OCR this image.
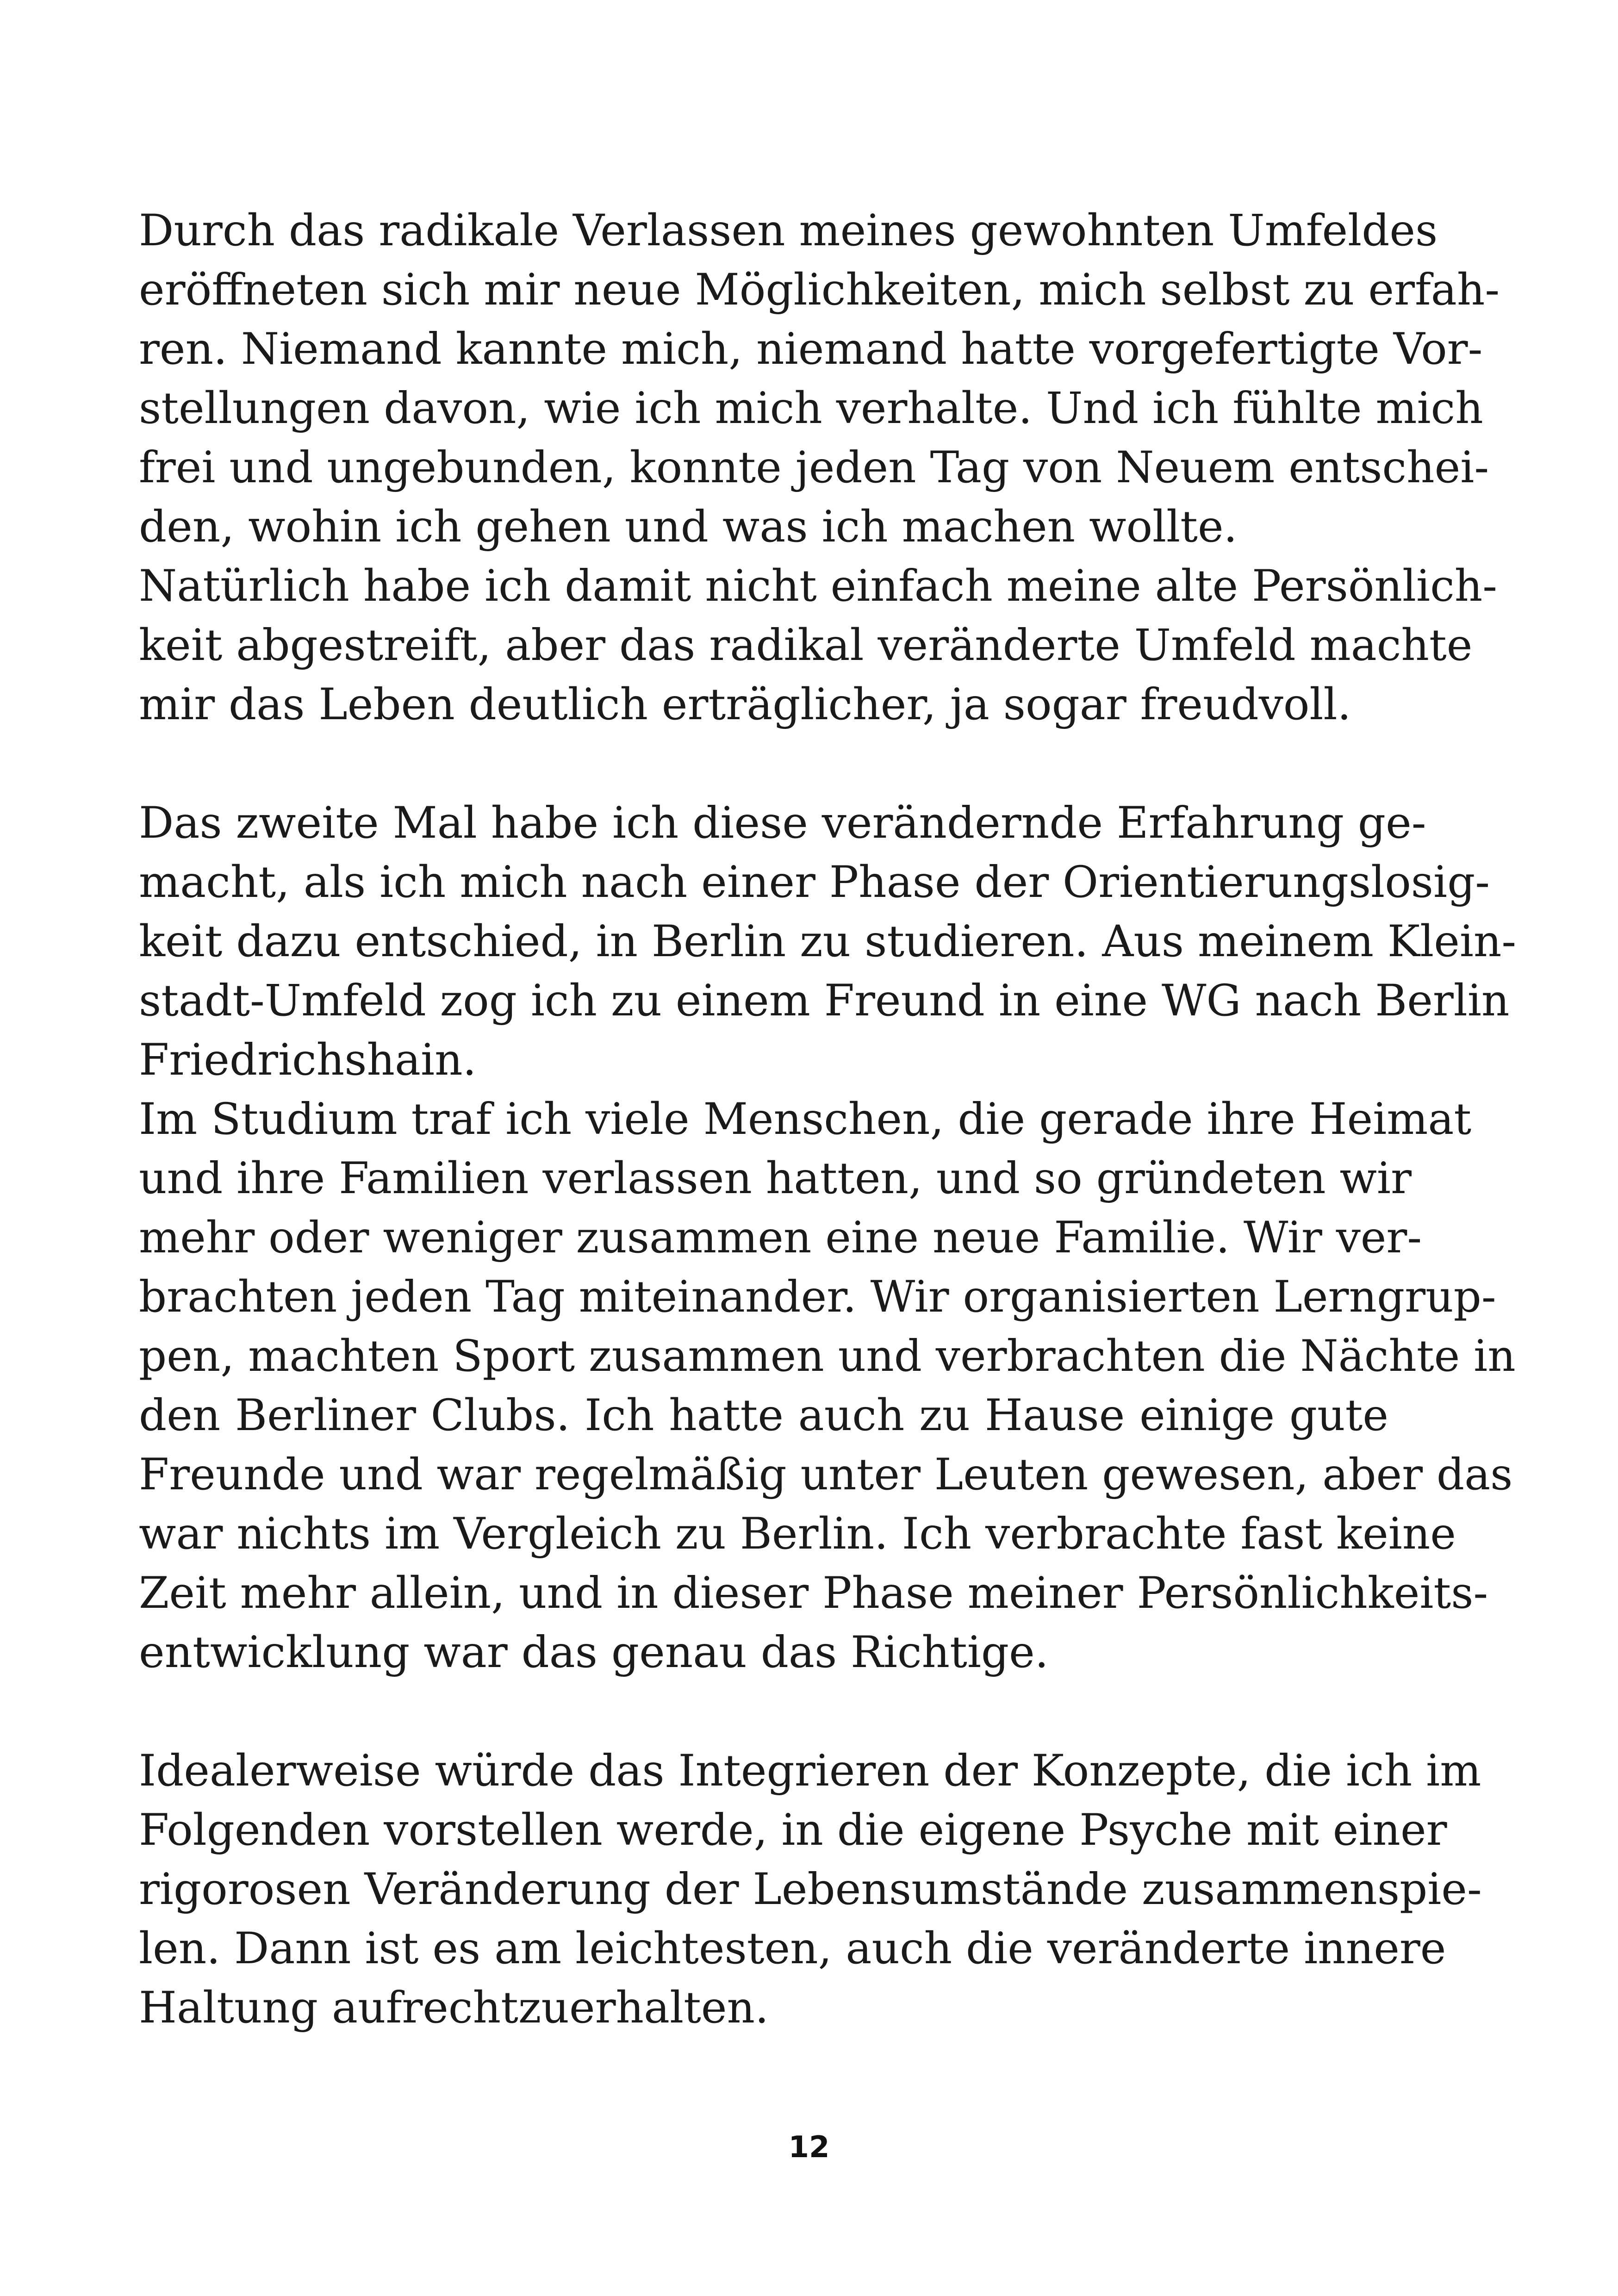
Durch das radikale Verlassen meines gewohnten Umfeldes
eröffneten sich mir neue Möglichkeiten, mich selbst zu erfah-
ren. Niemand kannte mich, niemand hatte vorgefertigte Vor-
stellungen davon, wie ich mich verhalte. Und ich fühlte mich
frei und ungebunden, konnte jeden Tag von Neuem entschei-
den, wohin ich gehen und was ich machen wollte.
Natürlich habe ich damit nicht einfach meine alte Persönlich-
keit abgestreift, aber das radikal veränderte Umfeld machte
mir das Leben deutlich erträglicher, ja sogar freudvoll.
Das zweite Mal habe ich diese verändernde Erfahrung ge-
macht, als ich mich nach einer Phase der Orientierungslosig-
keit dazu entschied, in Berlin zu studieren. Aus meinem Klein-
stadt-Umfeld zog ich zu einem Freund in eine WG nach Berlin
Friedrichshain.
Im Studium traf ich viele Menschen, die gerade ihre Heimat
und ihre Familien verlassen hatten, und so gründeten wir
mehr oder weniger zusammen eine neue Familie. Wir ver-
brachten jeden Tag miteinander. Wir organisierten Lerngrup-
pen, machten Sport zusammen und verbrachten die Nächte in
den Berliner Clubs. Ich hatte auch zu Hause einige gute
Freunde und war regelmäßig unter Leuten gewesen, aber das
war nichts im Vergleich zu Berlin. Ich verbrachte fast keine
Zeit mehr allein, und in dieser Phase meiner Persönlichkeits-
entwicklung war das genau das Richtige.
Idealerweise würde das Integrieren der Konzepte, die ich im
Folgenden vorstellen werde, in die eigene Psyche mit einer
rigorosen Veränderung der Lebensumstände zusammenspie-
len. Dann ist es am leichtesten, auch die veränderte innere
Haltung aufrechtzuerhalten.
12
